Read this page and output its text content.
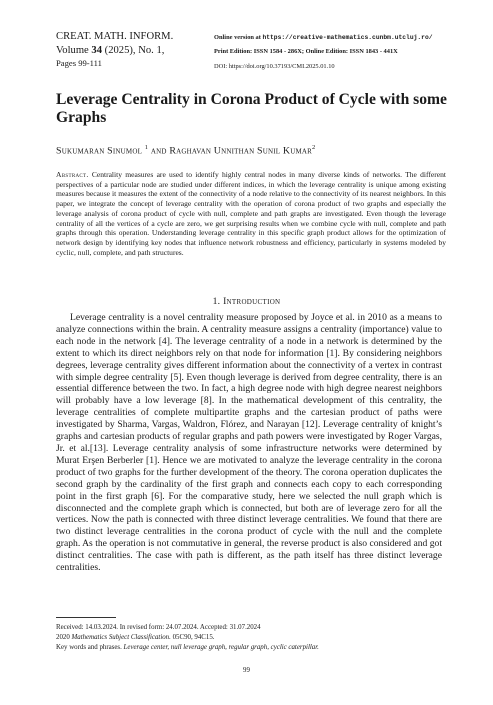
CREAT. MATH. INFORM.
Volume 34 (2025), No. 1,
Pages 99-111
Online version at https://creative-mathematics.cunbm.utcluj.ro/
Print Edition: ISSN 1584 - 286X; Online Edition: ISSN 1843 - 441X
DOI: https://doi.org/10.37193/CMI.2025.01.10
Leverage Centrality in Corona Product of Cycle with some Graphs
Sukumaran Sinumol $^1$ and Raghavan Unnithan Sunil Kumar$^2$
Abstract. Centrality measures are used to identify highly central nodes in many diverse kinds of networks. The different perspectives of a particular node are studied under different indices, in which the leverage centrality is unique among existing measures because it measures the extent of the connectivity of a node relative to the connectivity of its nearest neighbors. In this paper, we integrate the concept of leverage centrality with the operation of corona product of two graphs and especially the leverage analysis of corona product of cycle with null, complete and path graphs are investigated. Even though the leverage centrality of all the vertices of a cycle are zero, we get surprising results when we combine cycle with null, complete and path graphs through this operation. Understanding leverage centrality in this specific graph product allows for the optimization of network design by identifying key nodes that influence network robustness and efficiency, particularly in systems modeled by cyclic, null, complete, and path structures.
1. Introduction

Leverage centrality is a novel centrality measure proposed by Joyce et al. in 2010 as a means to analyze connections within the brain. A centrality measure assigns a centrality (importance) value to each node in the network [4]. The leverage centrality of a node in a network is determined by the extent to which its direct neighbors rely on that node for information [1]. By considering neighbors degrees, leverage centrality gives different information about the connectivity of a vertex in contrast with simple degree centrality [5]. Even though leverage is derived from degree centrality, there is an essential difference between the two. In fact, a high degree node with high degree nearest neighbors will probably have a low leverage [8]. In the mathematical development of this centrality, the leverage centralities of complete multipartite graphs and the cartesian product of paths were investigated by Sharma, Vargas, Waldron, Flórez, and Narayan [12]. Leverage centrality of knight’s graphs and cartesian products of regular graphs and path powers were investigated by Roger Vargas, Jr. et al.[13]. Leverage centrality analysis of some infrastructure networks were determined by Murat Erşen Berberler [1]. Hence we are motivated to analyze the leverage centrality in the corona product of two graphs for the further development of the theory. The corona operation duplicates the second graph by the cardinality of the first graph and connects each copy to each corresponding point in the first graph [6]. For the comparative study, here we selected the null graph which is disconnected and the complete graph which is connected, but both are of leverage zero for all the vertices. Now the path is connected with three distinct leverage centralities. We found that there are two distinct leverage centralities in the corona product of cycle with the null and the complete graph. As the operation is not commutative in general, the reverse product is also considered and got distinct centralities. The case with path is different, as the path itself has three distinct leverage centralities.

Received: 14.03.2024. In revised form: 24.07.2024. Accepted: 31.07.2024
2020 Mathematics Subject Classification. 05C90, 94C15.
Key words and phrases. Leverage center, null leverage graph, regular graph, cyclic caterpillar.
99
